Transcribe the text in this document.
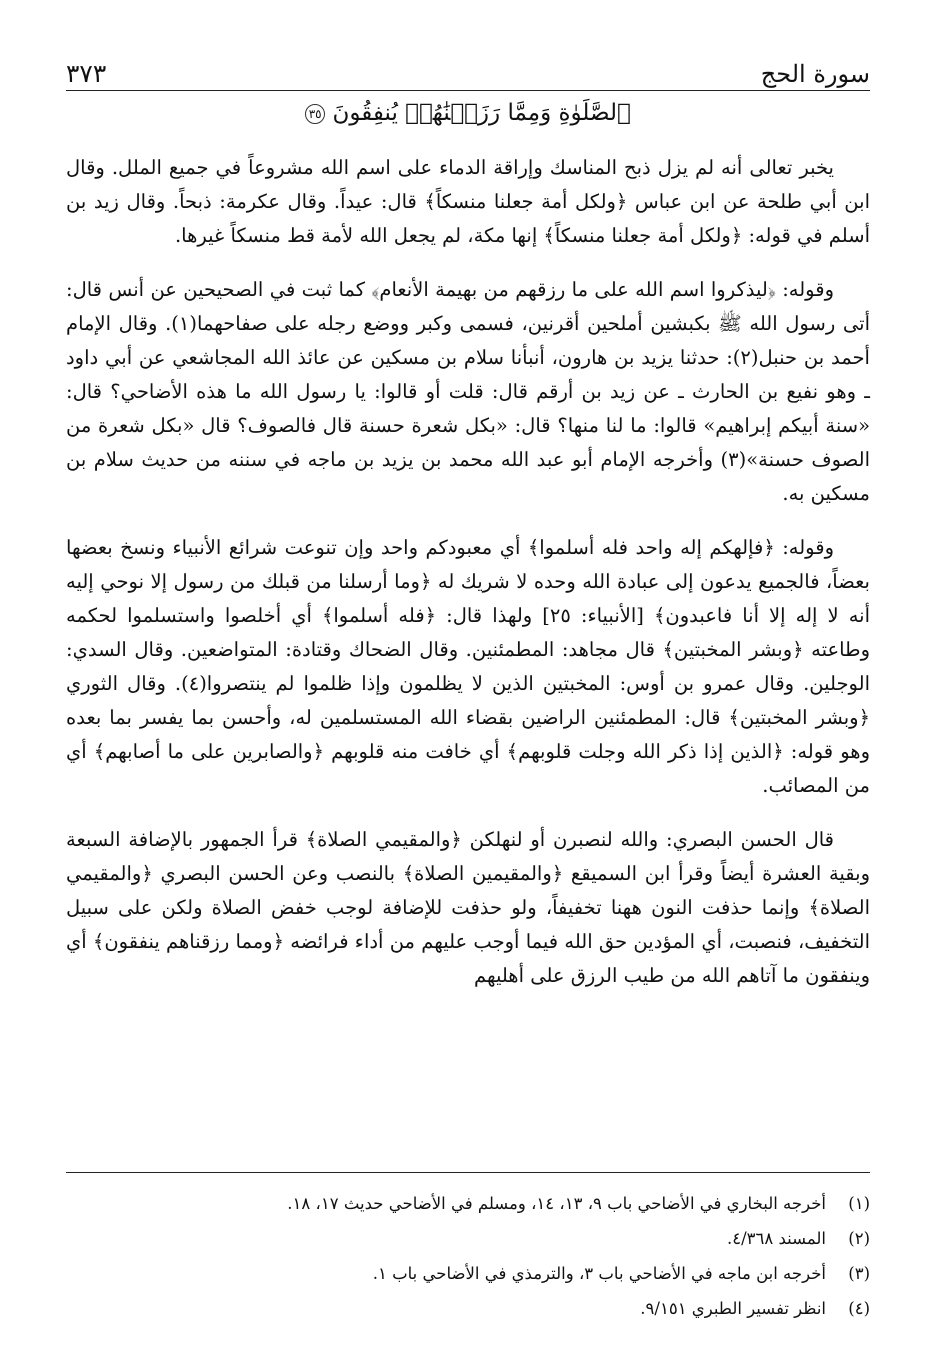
سورة الحج
٣٧٣
ٱلصَّلَوٰةِ وَمِمَّا رَزَقۡنَٰهُمۡ يُنفِقُونَ ٣٥

يخبر تعالى أنه لم يزل ذبح المناسك وإراقة الدماء على اسم الله مشروعاً في جميع الملل. وقال ابن أبي طلحة عن ابن عباس ﴿ولكل أمة جعلنا منسكاً﴾ قال: عيداً. وقال عكرمة: ذبحاً. وقال زيد بن أسلم في قوله: ﴿ولكل أمة جعلنا منسكاً﴾ إنها مكة، لم يجعل الله لأمة قط منسكاً غيرها.

وقوله: ﴿ليذكروا اسم الله على ما رزقهم من بهيمة الأنعام﴾ كما ثبت في الصحيحين عن أنس قال: أتى رسول الله ﷺ بكبشين أملحين أقرنين، فسمى وكبر ووضع رجله على صفاحهما(١). وقال الإمام أحمد بن حنبل(٢): حدثنا يزيد بن هارون، أنبأنا سلام بن مسكين عن عائذ الله المجاشعي عن أبي داود ـ وهو نفيع بن الحارث ـ عن زيد بن أرقم قال: قلت أو قالوا: يا رسول الله ما هذه الأضاحي؟ قال: «سنة أبيكم إبراهيم» قالوا: ما لنا منها؟ قال: «بكل شعرة حسنة قال فالصوف؟ قال «بكل شعرة من الصوف حسنة»(٣) وأخرجه الإمام أبو عبد الله محمد بن يزيد بن ماجه في سننه من حديث سلام بن مسكين به.

وقوله: ﴿فإلهكم إله واحد فله أسلموا﴾ أي معبودكم واحد وإن تنوعت شرائع الأنبياء ونسخ بعضها بعضاً، فالجميع يدعون إلى عبادة الله وحده لا شريك له ﴿وما أرسلنا من قبلك من رسول إلا نوحي إليه أنه لا إله إلا أنا فاعبدون﴾ [الأنبياء: ٢٥] ولهذا قال: ﴿فله أسلموا﴾ أي أخلصوا واستسلموا لحكمه وطاعته ﴿وبشر المخبتين﴾ قال مجاهد: المطمئنين. وقال الضحاك وقتادة: المتواضعين. وقال السدي: الوجلين. وقال عمرو بن أوس: المخبتين الذين لا يظلمون وإذا ظلموا لم ينتصروا(٤). وقال الثوري ﴿وبشر المخبتين﴾ قال: المطمئنين الراضين بقضاء الله المستسلمين له، وأحسن بما يفسر بما بعده وهو قوله: ﴿الذين إذا ذكر الله وجلت قلوبهم﴾ أي خافت منه قلوبهم ﴿والصابرين على ما أصابهم﴾ أي من المصائب.

قال الحسن البصري: والله لنصبرن أو لنهلكن ﴿والمقيمي الصلاة﴾ قرأ الجمهور بالإضافة السبعة وبقية العشرة أيضاً وقرأ ابن السميقع ﴿والمقيمين الصلاة﴾ بالنصب وعن الحسن البصري ﴿والمقيمي الصلاة﴾ وإنما حذفت النون ههنا تخفيفاً، ولو حذفت للإضافة لوجب خفض الصلاة ولكن على سبيل التخفيف، فنصبت، أي المؤدين حق الله فيما أوجب عليهم من أداء فرائضه ﴿ومما رزقناهم ينفقون﴾ أي وينفقون ما آتاهم الله من طيب الرزق على أهليهم

(١)
أخرجه البخاري في الأضاحي باب ٩، ١٣، ١٤، ومسلم في الأضاحي حديث ١٧، ١٨.
(٢)
المسند ٤/٣٦٨.
(٣)
أخرجه ابن ماجه في الأضاحي باب ٣، والترمذي في الأضاحي باب ١.
(٤)
انظر تفسير الطبري ٩/١٥١.
